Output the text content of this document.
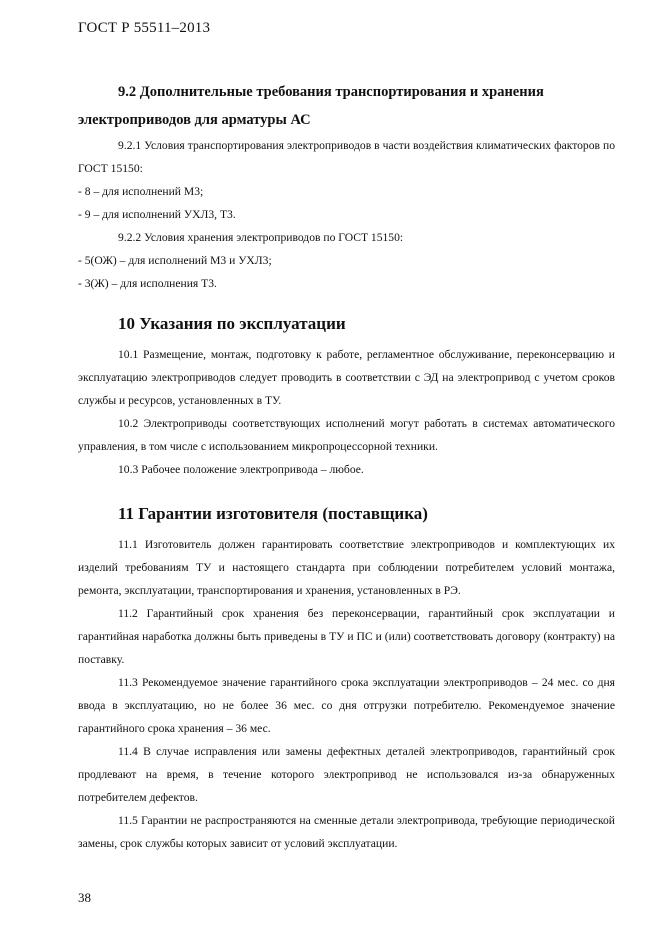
ГОСТ Р 55511–2013

9.2 Дополнительные требования транспортирования и хранения

электроприводов для арматуры АС

9.2.1 Условия транспортирования электроприводов в части воздействия климатических факторов по ГОСТ 15150:

- 8 – для исполнений М3;

- 9 – для исполнений УХЛ3, Т3.

9.2.2 Условия хранения электроприводов по ГОСТ 15150:

- 5(ОЖ) – для исполнений М3 и УХЛ3;

- 3(Ж) – для исполнения Т3.

10 Указания по эксплуатации

10.1 Размещение, монтаж, подготовку к работе, регламентное обслуживание, переконсервацию и эксплуатацию электроприводов следует проводить в соответствии с ЭД на электропривод с учетом сроков службы и ресурсов, установленных в ТУ.

10.2 Электроприводы соответствующих исполнений могут работать в системах автоматического управления, в том числе с использованием микропроцессорной техники.

10.3 Рабочее положение электропривода – любое.

11 Гарантии изготовителя (поставщика)

11.1 Изготовитель должен гарантировать соответствие электроприводов и комплектующих их изделий требованиям ТУ и настоящего стандарта при соблюдении потребителем условий монтажа, ремонта, эксплуатации, транспортирования и хранения, установленных в РЭ.

11.2 Гарантийный срок хранения без переконсервации, гарантийный срок эксплуатации и гарантийная наработка должны быть приведены в ТУ и ПС и (или) соответствовать договору (контракту) на поставку.

11.3 Рекомендуемое значение гарантийного срока эксплуатации электроприводов – 24 мес. со дня ввода в эксплуатацию, но не более 36 мес. со дня отгрузки потребителю. Рекомендуемое значение гарантийного срока хранения – 36 мес.

11.4 В случае исправления или замены дефектных деталей электроприводов, гарантийный срок продлевают на время, в течение которого электропривод не использовался из-за обнаруженных потребителем дефектов.

11.5 Гарантии не распространяются на сменные детали электропривода, требующие периодической замены, срок службы которых зависит от условий эксплуатации.

38
